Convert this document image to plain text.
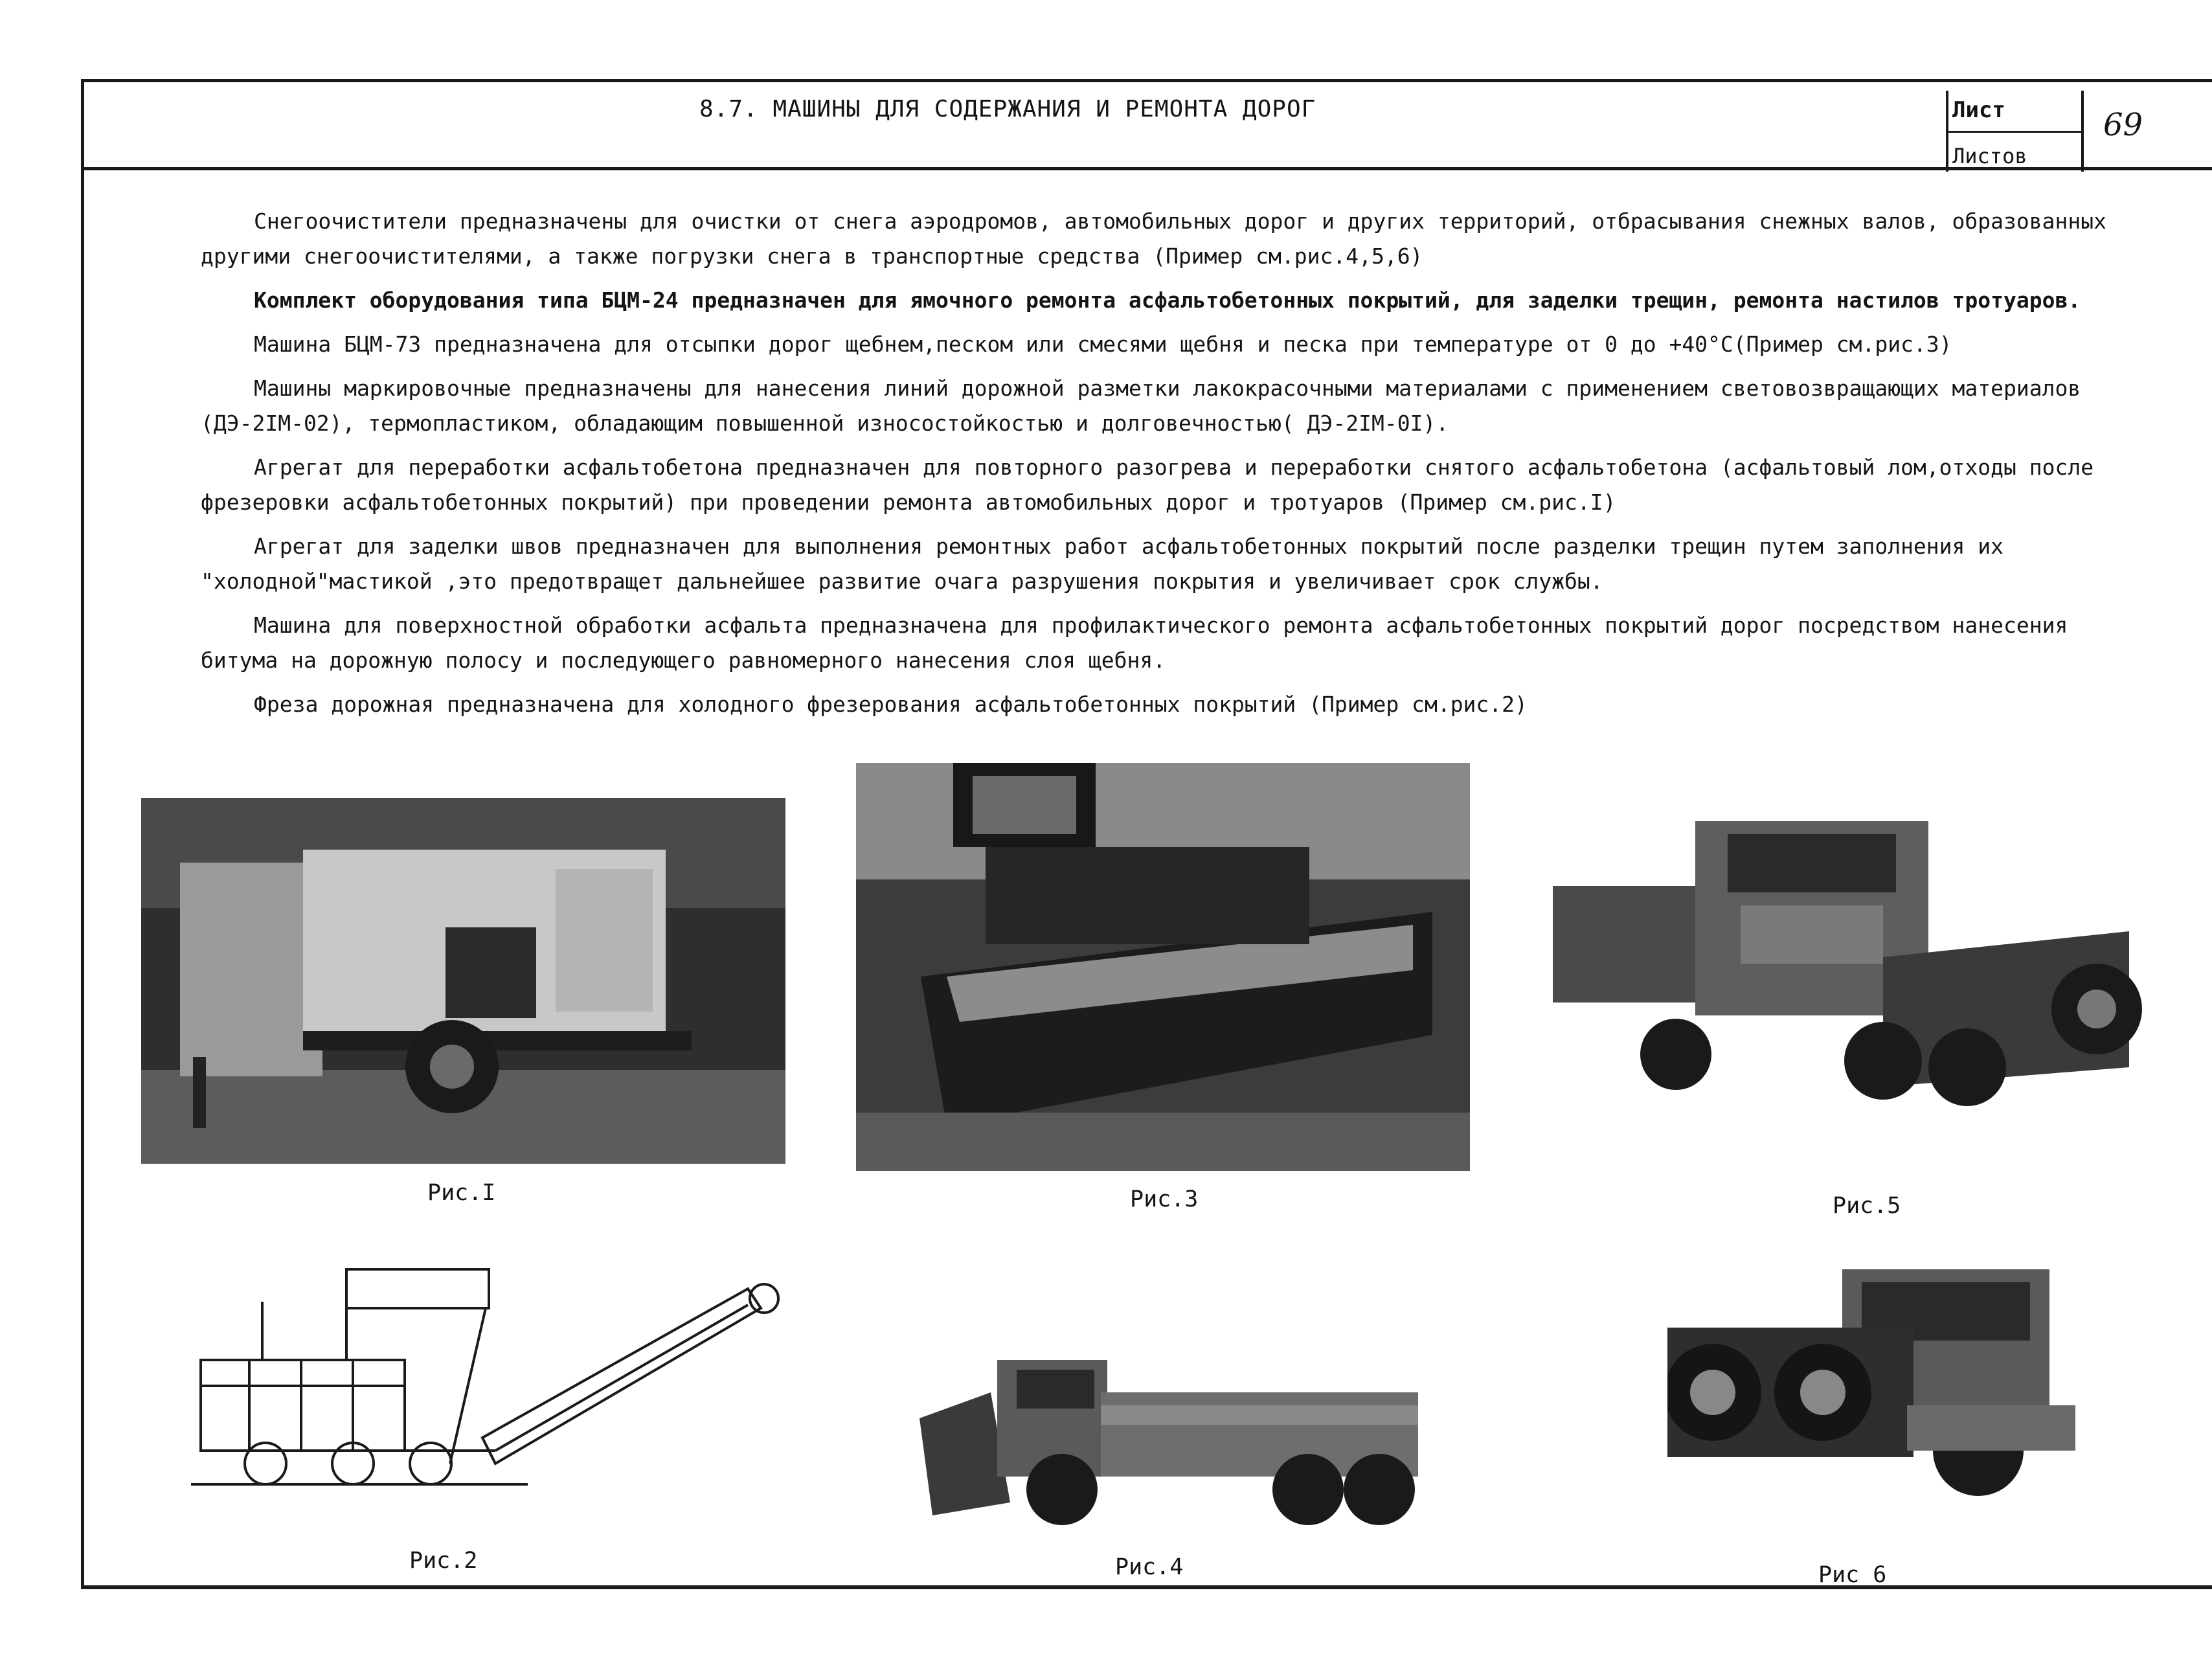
8.7. МАШИНЫ ДЛЯ СОДЕРЖАНИЯ И РЕМОНТА ДОРОГ	Лист
Листов
69

Снегоочистители предназначены для очистки от снега аэродромов, автомобильных дорог и других территорий, отбрасывания снежных валов, образованных другими снегоочистителями, а также погрузки снега в транспортные средства (Пример см.рис.4,5,6)

Комплект оборудования типа БЦМ-24 предназначен для ямочного ремонта асфальтобетонных покрытий, для заделки трещин, ремонта настилов тротуаров.

Машина БЦМ-73 предназначена для отсыпки дорог щебнем,песком или смесями щебня и песка при температуре от 0 до +40°С(Пример см.рис.3)

Машины маркировочные предназначены для нанесения линий дорожной разметки лакокрасочными материалами с применением световозвращающих материалов (ДЭ-2IМ-02), термопластиком, обладающим повышенной износостойкостью и долговечностью( ДЭ-2IМ-0I).

Агрегат для переработки асфальтобетона предназначен для повторного разогрева и переработки снятого асфальтобетона (асфальтовый лом,отходы после фрезеровки асфальтобетонных покрытий) при проведении ремонта автомобильных дорог и тротуаров (Пример см.рис.I)

Агрегат для заделки швов предназначен для выполнения ремонтных работ асфальтобетонных покрытий после разделки трещин путем заполнения их "холодной"мастикой ,это предотвращет дальнейшее развитие очага разрушения покрытия и увеличивает срок службы.

Машина для поверхностной обработки асфальта предназначена для профилактического ремонта асфальтобетонных покрытий дорог посредством нанесения битума на дорожную полосу и последующего равномерного нанесения слоя щебня.

Фреза дорожная предназначена для холодного фрезерования асфальтобетонных покрытий (Пример см.рис.2)

Рис.I	Рис.3	Рис.5
Рис.2	Рис.4	Рис 6
